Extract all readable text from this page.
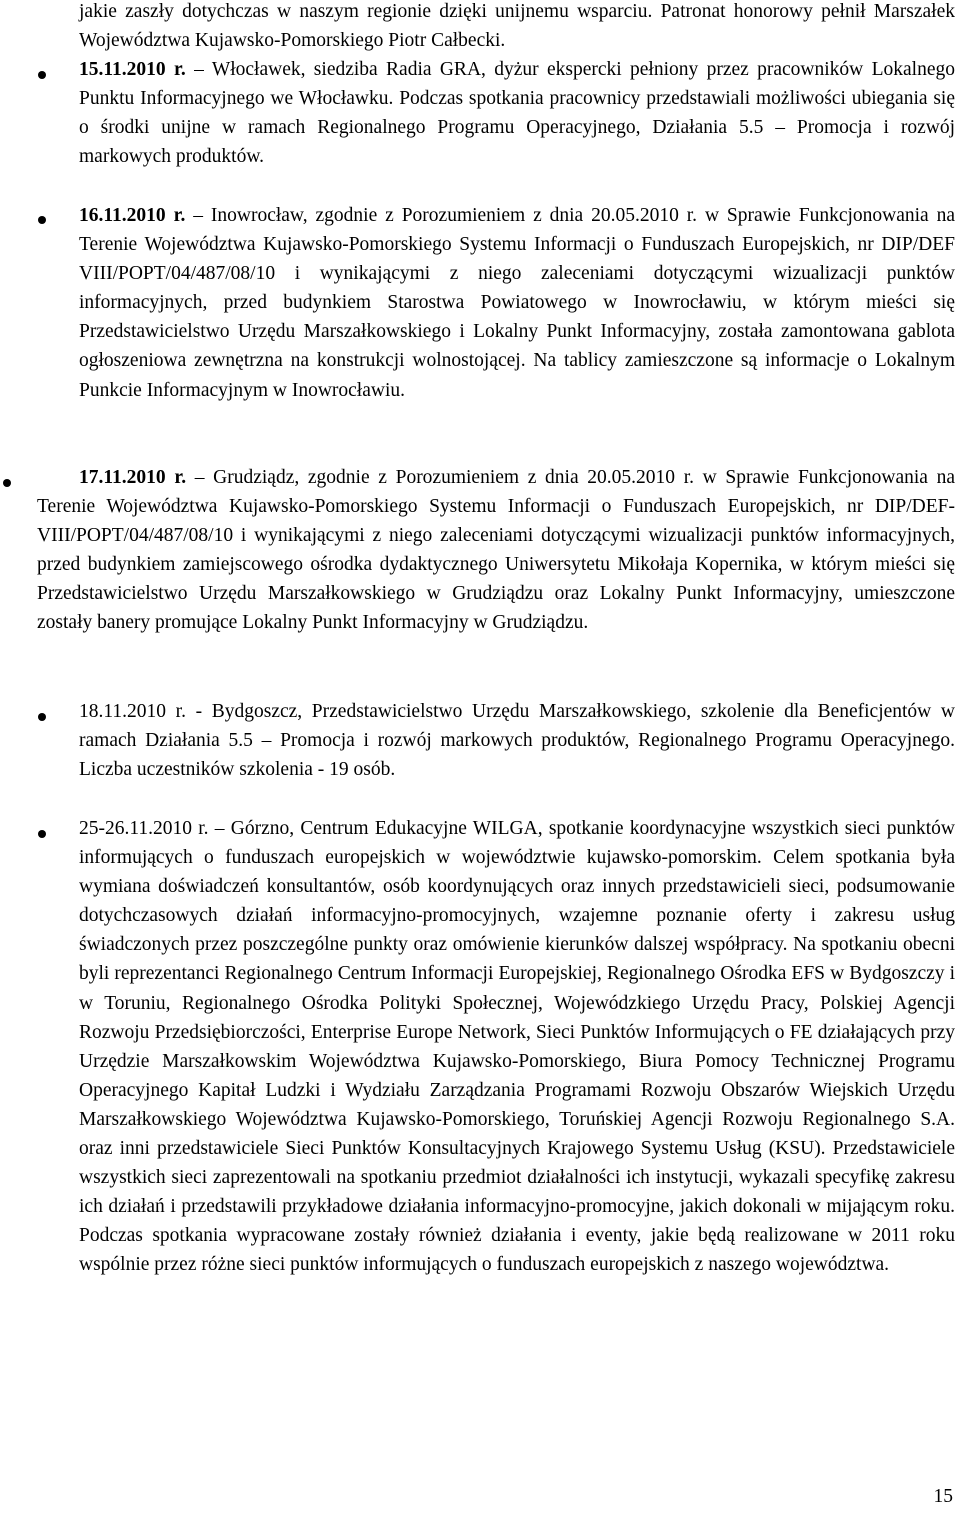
jakie zaszły dotychczas w naszym regionie dzięki unijnemu wsparciu. Patronat honorowy pełnił Marszałek Województwa Kujawsko-Pomorskiego Piotr Całbecki.
15.11.2010 r. – Włocławek, siedziba Radia GRA, dyżur ekspercki pełniony przez pracowników Lokalnego Punktu Informacyjnego we Włocławku. Podczas spotkania pracownicy przedstawiali możliwości ubiegania się o środki unijne w ramach Regionalnego Programu Operacyjnego, Działania 5.5 – Promocja i rozwój markowych produktów.
16.11.2010 r. – Inowrocław, zgodnie z Porozumieniem z dnia 20.05.2010 r. w Sprawie Funkcjonowania na Terenie Województwa Kujawsko-Pomorskiego Systemu Informacji o Funduszach Europejskich, nr DIP/DEF VIII/POPT/04/487/08/10 i wynikającymi z niego zaleceniami dotyczącymi wizualizacji punktów informacyjnych, przed budynkiem Starostwa Powiatowego w Inowrocławiu, w którym mieści się Przedstawicielstwo Urzędu Marszałkowskiego i Lokalny Punkt Informacyjny, została zamontowana gablota ogłoszeniowa zewnętrzna na konstrukcji wolnostojącej. Na tablicy zamieszczone są informacje o Lokalnym Punkcie Informacyjnym w Inowrocławiu.
17.11.2010 r. – Grudziądz, zgodnie z Porozumieniem z dnia 20.05.2010 r. w Sprawie Funkcjonowania na Terenie Województwa Kujawsko-Pomorskiego Systemu Informacji o Funduszach Europejskich, nr DIP/DEF-VIII/POPT/04/487/08/10 i wynikającymi z niego zaleceniami dotyczącymi wizualizacji punktów informacyjnych, przed budynkiem zamiejscowego ośrodka dydaktycznego Uniwersytetu Mikołaja Kopernika, w którym mieści się Przedstawicielstwo Urzędu Marszałkowskiego w Grudziądzu oraz Lokalny Punkt Informacyjny, umieszczone zostały banery promujące Lokalny Punkt Informacyjny w Grudziądzu.
18.11.2010 r. - Bydgoszcz, Przedstawicielstwo Urzędu Marszałkowskiego, szkolenie dla Beneficjentów w ramach Działania 5.5 – Promocja i rozwój markowych produktów, Regionalnego Programu Operacyjnego. Liczba uczestników szkolenia - 19 osób.
25-26.11.2010 r. – Górzno, Centrum Edukacyjne WILGA, spotkanie koordynacyjne wszystkich sieci punktów informujących o funduszach europejskich w województwie kujawsko-pomorskim. Celem spotkania była wymiana doświadczeń konsultantów, osób koordynujących oraz innych przedstawicieli sieci, podsumowanie dotychczasowych działań informacyjno-promocyjnych, wzajemne poznanie oferty i zakresu usług świadczonych przez poszczególne punkty oraz omówienie kierunków dalszej współpracy. Na spotkaniu obecni byli reprezentanci Regionalnego Centrum Informacji Europejskiej, Regionalnego Ośrodka EFS w Bydgoszczy i w Toruniu, Regionalnego Ośrodka Polityki Społecznej, Wojewódzkiego Urzędu Pracy, Polskiej Agencji Rozwoju Przedsiębiorczości, Enterprise Europe Network, Sieci Punktów Informujących o FE działających przy Urzędzie Marszałkowskim Województwa Kujawsko-Pomorskiego, Biura Pomocy Technicznej Programu Operacyjnego Kapitał Ludzki i Wydziału Zarządzania Programami Rozwoju Obszarów Wiejskich Urzędu Marszałkowskiego Województwa Kujawsko-Pomorskiego, Toruńskiej Agencji Rozwoju Regionalnego S.A. oraz inni przedstawiciele Sieci Punktów Konsultacyjnych Krajowego Systemu Usług (KSU). Przedstawiciele wszystkich sieci zaprezentowali na spotkaniu przedmiot działalności ich instytucji, wykazali specyfikę zakresu ich działań i przedstawili przykładowe działania informacyjno-promocyjne, jakich dokonali w mijającym roku. Podczas spotkania wypracowane zostały również działania i eventy, jakie będą realizowane w 2011 roku wspólnie przez różne sieci punktów informujących o funduszach europejskich z naszego województwa.
15
